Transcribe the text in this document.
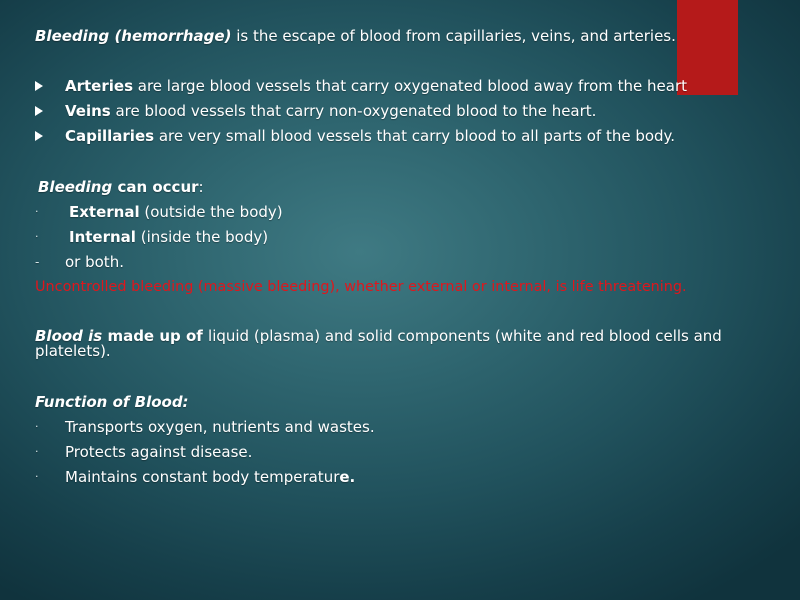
Bleeding (hemorrhage) is the escape of blood from capillaries, veins, and arteries.
Arteries are large blood vessels that carry oxygenated blood away from the heart
Veins are blood vessels that carry non-oxygenated blood to the heart.
Capillaries are very small blood vessels that carry blood to all parts of the body.
Bleeding can occur:
·	External (outside the body)
·	Internal (inside the body)
-	or both.
Uncontrolled bleeding (massive bleeding), whether external or internal, is life threatening.
Blood is made up of liquid (plasma) and solid components (white and red blood cells and platelets).
Function of Blood:
·	Transports oxygen, nutrients and wastes.
·	Protects against disease.
·	Maintains constant body temperature.
